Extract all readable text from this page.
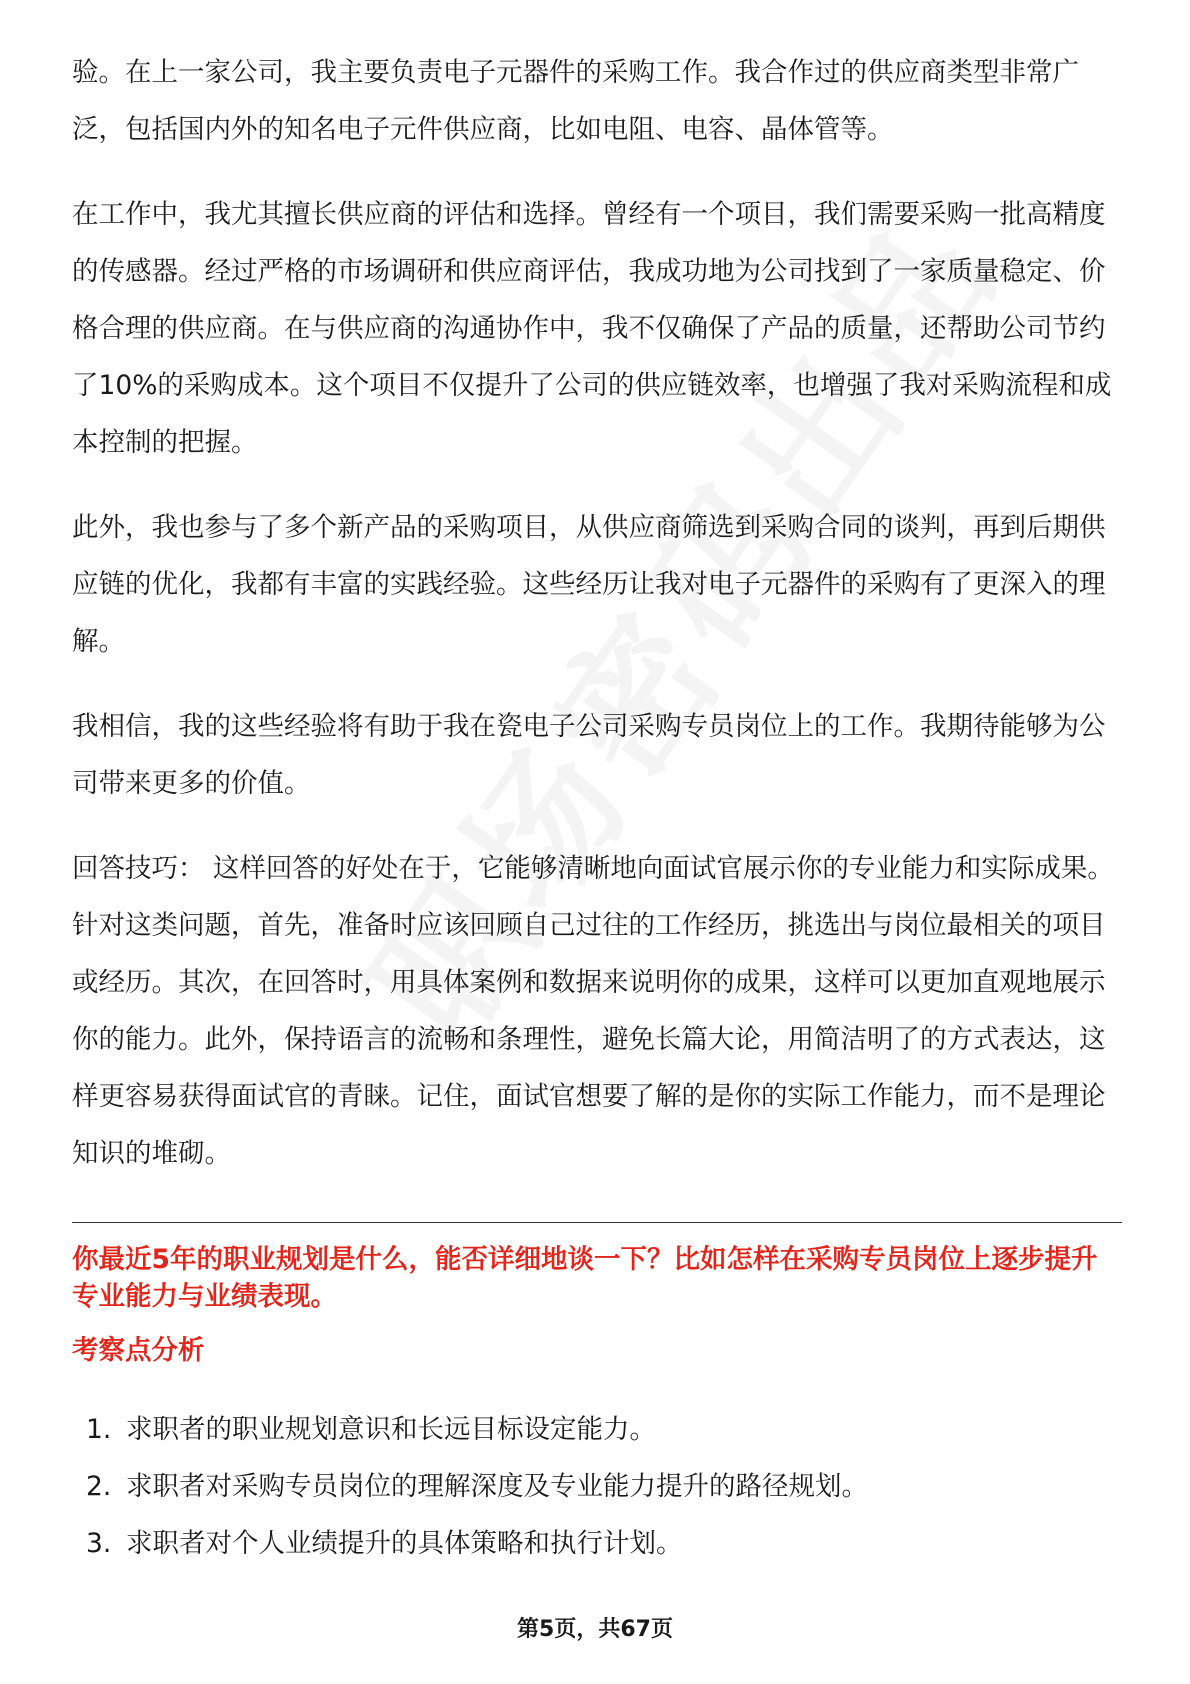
验。在上一家公司，我主要负责电子元器件的采购工作。我合作过的供应商类型非常广泛，包括国内外的知名电子元件供应商，比如电阻、电容、晶体管等。

在工作中，我尤其擅长供应商的评估和选择。曾经有一个项目，我们需要采购一批高精度的传感器。经过严格的市场调研和供应商评估，我成功地为公司找到了一家质量稳定、价格合理的供应商。在与供应商的沟通协作中，我不仅确保了产品的质量，还帮助公司节约了10%的采购成本。这个项目不仅提升了公司的供应链效率，也增强了我对采购流程和成本控制的把握。

此外，我也参与了多个新产品的采购项目，从供应商筛选到采购合同的谈判，再到后期供应链的优化，我都有丰富的实践经验。这些经历让我对电子元器件的采购有了更深入的理解。

我相信，我的这些经验将有助于我在瓷电子公司采购专员岗位上的工作。我期待能够为公司带来更多的价值。

回答技巧： 这样回答的好处在于，它能够清晰地向面试官展示你的专业能力和实际成果。针对这类问题，首先，准备时应该回顾自己过往的工作经历，挑选出与岗位最相关的项目或经历。其次，在回答时，用具体案例和数据来说明你的成果，这样可以更加直观地展示你的能力。此外，保持语言的流畅和条理性，避免长篇大论，用简洁明了的方式表达，这样更容易获得面试官的青睐。记住，面试官想要了解的是你的实际工作能力，而不是理论知识的堆砌。

你最近5年的职业规划是什么，能否详细地谈一下？比如怎样在采购专员岗位上逐步提升专业能力与业绩表现。
考察点分析
1. 求职者的职业规划意识和长远目标设定能力。
2. 求职者对采购专员岗位的理解深度及专业能力提升的路径规划。
3. 求职者对个人业绩提升的具体策略和执行计划。
第5页，共67页
